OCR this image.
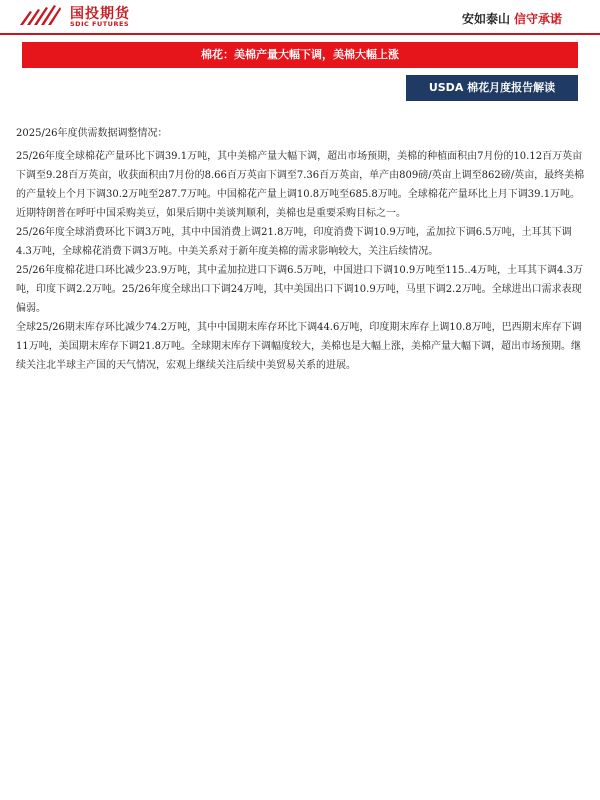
国投期货
SDIC FUTURES	安如泰山 信守承诺
棉花：美棉产量大幅下调，美棉大幅上涨
USDA 棉花月度报告解读

2025/26年度供需数据调整情况：

25/26年度全球棉花产量环比下调39.1万吨，其中美棉产量大幅下调，超出市场预期，美棉的种植面积由7月份的10.12百万英亩下调至9.28百万英亩，收获面积由7月份的8.66百万英亩下调至7.36百万英亩，单产由809磅/英亩上调至862磅/英亩，最终美棉的产量较上个月下调30.2万吨至287.7万吨。中国棉花产量上调10.8万吨至685.8万吨。全球棉花产量环比上月下调39.1万吨。近期特朗普在呼吁中国采购美豆，如果后期中美谈判顺利，美棉也是重要采购目标之一。

25/26年度全球消费环比下调3万吨，其中中国消费上调21.8万吨，印度消费下调10.9万吨，孟加拉下调6.5万吨，土耳其下调4.3万吨，全球棉花消费下调3万吨。中美关系对于新年度美棉的需求影响较大，关注后续情况。

25/26年度棉花进口环比减少23.9万吨，其中孟加拉进口下调6.5万吨，中国进口下调10.9万吨至115..4万吨，土耳其下调4.3万吨，印度下调2.2万吨。25/26年度全球出口下调24万吨，其中美国出口下调10.9万吨，马里下调2.2万吨。全球进出口需求表现偏弱。

全球25/26期末库存环比减少74.2万吨，其中中国期末库存环比下调44.6万吨，印度期末库存上调10.8万吨，巴西期末库存下调11万吨，美国期末库存下调21.8万吨。全球期末库存下调幅度较大，美棉也是大幅上涨，美棉产量大幅下调，超出市场预期。继续关注北半球主产国的天气情况，宏观上继续关注后续中美贸易关系的进展。
